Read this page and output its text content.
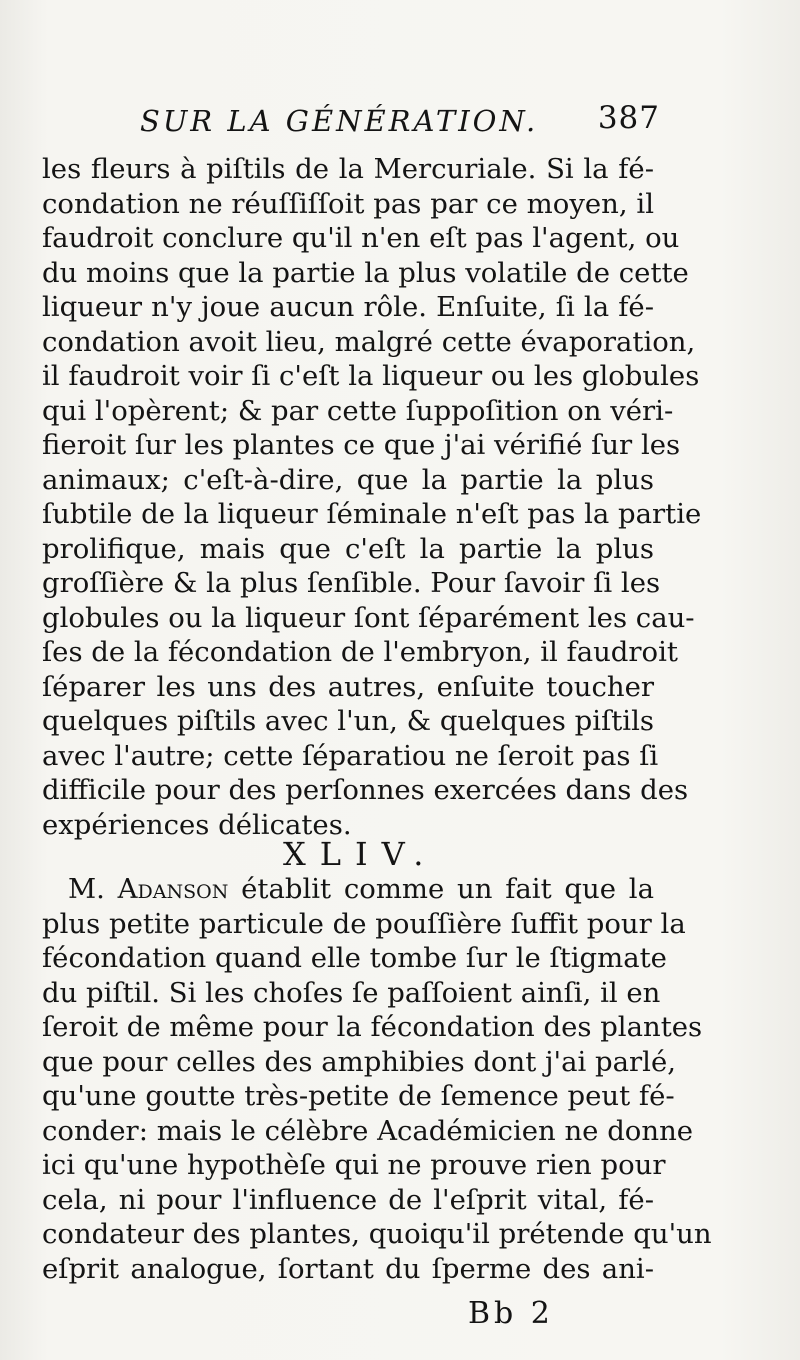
SUR LA GÉNÉRATION. 387
les fleurs à piſtils de la Mercuriale. Si la fé-
condation ne réuſſiſſoit pas par ce moyen, il
faudroit conclure qu'il n'en eſt pas l'agent, ou
du moins que la partie la plus volatile de cette
liqueur n'y joue aucun rôle. Enſuite, ſi la fé-
condation avoit lieu, malgré cette évaporation,
il faudroit voir ſi c'eſt la liqueur ou les globules
qui l'opèrent; & par cette ſuppoſition on véri-
fieroit ſur les plantes ce que j'ai vérifié ſur les
animaux; c'eſt-à-dire, que la partie la plus
ſubtile de la liqueur ſéminale n'eſt pas la partie
prolifique, mais que c'eſt la partie la plus
groſſière & la plus ſenſible. Pour ſavoir ſi les
globules ou la liqueur ſont ſéparément les cau-
ſes de la fécondation de l'embryon, il faudroit
ſéparer les uns des autres, enſuite toucher
quelques piſtils avec l'un, & quelques piſtils
avec l'autre; cette ſéparatiou ne ſeroit pas ſi
difficile pour des perſonnes exercées dans des
expériences délicates.
XLIV.
M. Adanson établit comme un fait que la
plus petite particule de pouſſière ſuffit pour la
fécondation quand elle tombe ſur le ſtigmate
du piſtil. Si les choſes ſe paſſoient ainſi, il en
ſeroit de même pour la fécondation des plantes
que pour celles des amphibies dont j'ai parlé,
qu'une goutte très-petite de ſemence peut fé-
conder: mais le célèbre Académicien ne donne
ici qu'une hypothèſe qui ne prouve rien pour
cela, ni pour l'influence de l'eſprit vital, fé-
condateur des plantes, quoiqu'il prétende qu'un
eſprit analogue, ſortant du ſperme des ani-
Bb 2
